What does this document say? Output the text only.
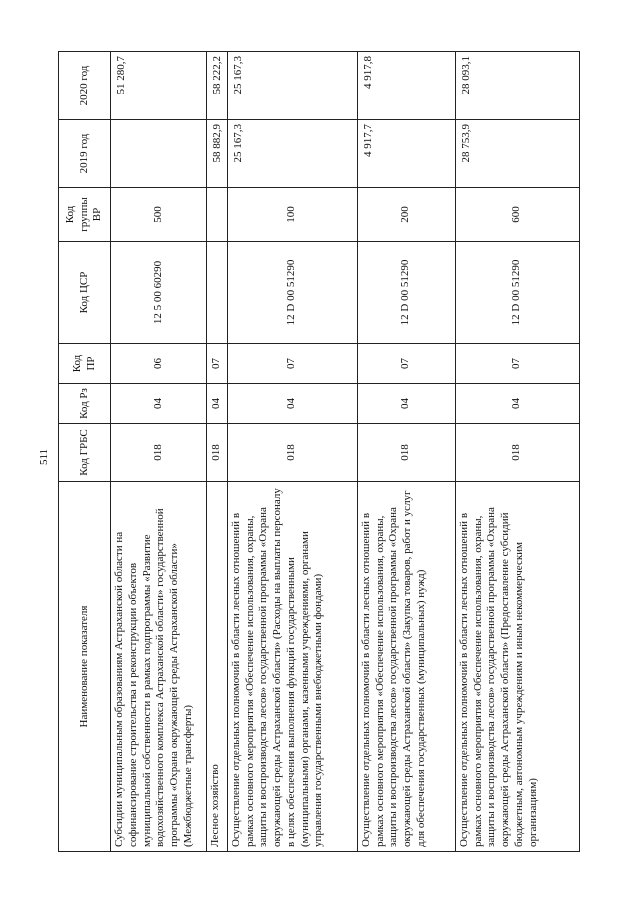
511
Наименование показателя	Код ГРБС	Код Рз	Код ПР	Код ЦСР	Код группы ВР	2019 год	2020 год
Субсидии муниципальным образованиям Астраханской области на софинансирование строительства и реконструкции объектов муниципальной собственности в рамках подпрограммы «Развитие водохозяйственного комплекса Астраханской области» государственной программы «Охрана окружающей среды Астраханской области» (Межбюджетные трансферты)	018	04	06	12 5 00 60290	500		51 280,7
Лесное хозяйство	018	04	07			58 882,9	58 222,2
Осуществление отдельных полномочий в области лесных отношений в рамках основного мероприятия «Обеспечение использования, охраны, защиты и воспроизводства лесов» государственной программы «Охрана окружающей среды Астраханской области» (Расходы на выплаты персоналу в целях обеспечения выполнения функций государственными (муниципальными) органами, казенными учреждениями, органами управления государственными внебюджетными фондами)	018	04	07	12 D 00 51290	100	25 167,3	25 167,3
Осуществление отдельных полномочий в области лесных отношений в рамках основного мероприятия «Обеспечение использования, охраны, защиты и воспроизводства лесов» государственной программы «Охрана окружающей среды Астраханской области» (Закупка товаров, работ и услуг для обеспечения государственных (муниципальных) нужд)	018	04	07	12 D 00 51290	200	4 917,7	4 917,8
Осуществление отдельных полномочий в области лесных отношений в рамках основного мероприятия «Обеспечение использования, охраны, защиты и воспроизводства лесов» государственной программы «Охрана окружающей среды Астраханской области» (Предоставление субсидий бюджетным, автономным учреждениям и иным некоммерческим организациям)	018	04	07	12 D 00 51290	600	28 753,9	28 093,1
